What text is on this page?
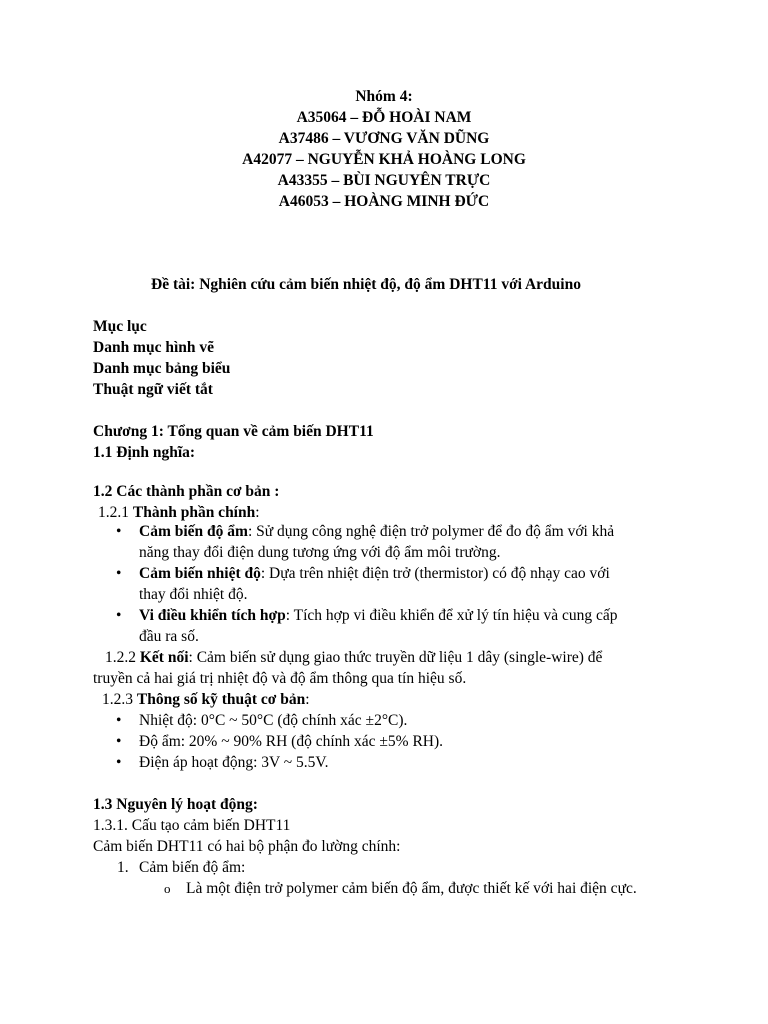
Nhóm 4:
A35064 – ĐỖ HOÀI NAM
A37486 – VƯƠNG VĂN DŨNG
A42077 – NGUYỄN KHẢ HOÀNG LONG
A43355 – BÙI NGUYÊN TRỰC
A46053 – HOÀNG MINH ĐỨC
Đề tài: Nghiên cứu cảm biến nhiệt độ, độ ẩm DHT11 với Arduino
Mục lục
Danh mục hình vẽ
Danh mục bảng biểu
Thuật ngữ viết tắt
Chương 1: Tổng quan về cảm biến DHT11
1.1 Định nghĩa:
1.2 Các thành phần cơ bản :
1.2.1 Thành phần chính:
• Cảm biến độ ẩm: Sử dụng công nghệ điện trở polymer để đo độ ẩm với khả
năng thay đổi điện dung tương ứng với độ ẩm môi trường.
• Cảm biến nhiệt độ: Dựa trên nhiệt điện trở (thermistor) có độ nhạy cao với
thay đổi nhiệt độ.
• Vi điều khiển tích hợp: Tích hợp vi điều khiển để xử lý tín hiệu và cung cấp
đầu ra số.
1.2.2 Kết nối: Cảm biến sử dụng giao thức truyền dữ liệu 1 dây (single-wire) để
truyền cả hai giá trị nhiệt độ và độ ẩm thông qua tín hiệu số.
1.2.3 Thông số kỹ thuật cơ bản:
• Nhiệt độ: 0°C ~ 50°C (độ chính xác ±2°C).
• Độ ẩm: 20% ~ 90% RH (độ chính xác ±5% RH).
• Điện áp hoạt động: 3V ~ 5.5V.
1.3 Nguyên lý hoạt động:
1.3.1. Cấu tạo cảm biến DHT11
Cảm biến DHT11 có hai bộ phận đo lường chính:
1. Cảm biến độ ẩm:
o Là một điện trở polymer cảm biến độ ẩm, được thiết kế với hai điện cực.
